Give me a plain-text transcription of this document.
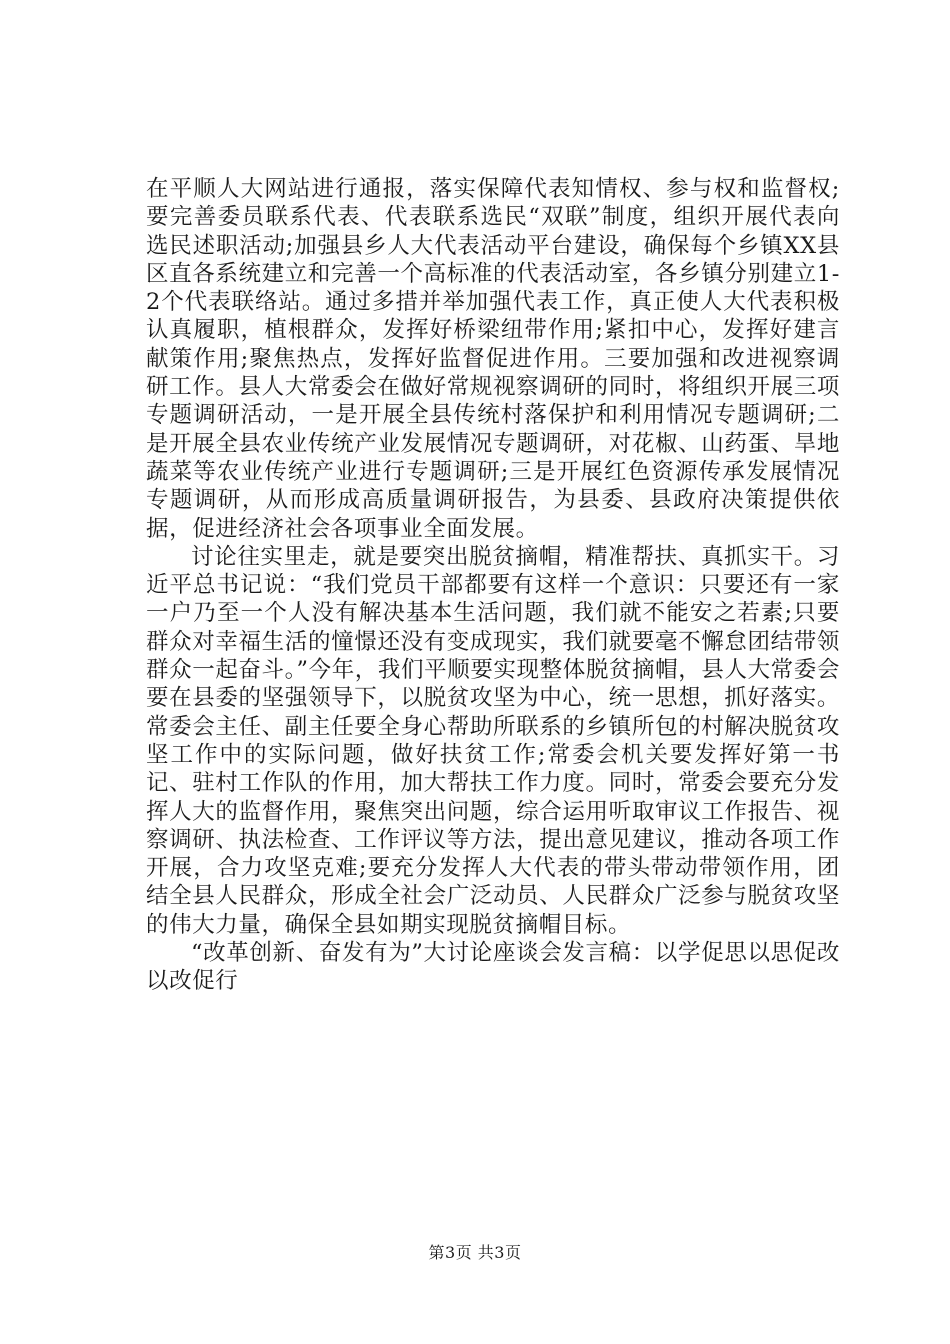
在平顺人大网站进行通报，落实保障代表知情权、参与权和监督权;要完善委员联系代表、代表联系选民“双联”制度，组织开展代表向选民述职活动;加强县乡人大代表活动平台建设，确保每个乡镇XX县区直各系统建立和完善一个高标准的代表活动室，各乡镇分别建立1-2个代表联络站。通过多措并举加强代表工作，真正使人大代表积极认真履职，植根群众，发挥好桥梁纽带作用;紧扣中心，发挥好建言献策作用;聚焦热点，发挥好监督促进作用。三要加强和改进视察调研工作。县人大常委会在做好常规视察调研的同时，将组织开展三项专题调研活动，一是开展全县传统村落保护和利用情况专题调研;二是开展全县农业传统产业发展情况专题调研，对花椒、山药蛋、旱地蔬菜等农业传统产业进行专题调研;三是开展红色资源传承发展情况专题调研，从而形成高质量调研报告，为县委、县政府决策提供依据，促进经济社会各项事业全面发展。

讨论往实里走，就是要突出脱贫摘帽，精准帮扶、真抓实干。习近平总书记说：“我们党员干部都要有这样一个意识：只要还有一家一户乃至一个人没有解决基本生活问题，我们就不能安之若素;只要群众对幸福生活的憧憬还没有变成现实，我们就要毫不懈怠团结带领群众一起奋斗。”今年，我们平顺要实现整体脱贫摘帽，县人大常委会要在县委的坚强领导下，以脱贫攻坚为中心，统一思想，抓好落实。常委会主任、副主任要全身心帮助所联系的乡镇所包的村解决脱贫攻坚工作中的实际问题，做好扶贫工作;常委会机关要发挥好第一书记、驻村工作队的作用，加大帮扶工作力度。同时，常委会要充分发挥人大的监督作用，聚焦突出问题，综合运用听取审议工作报告、视察调研、执法检查、工作评议等方法，提出意见建议，推动各项工作开展，合力攻坚克难;要充分发挥人大代表的带头带动带领作用，团结全县人民群众，形成全社会广泛动员、人民群众广泛参与脱贫攻坚的伟大力量，确保全县如期实现脱贫摘帽目标。

“改革创新、奋发有为”大讨论座谈会发言稿：以学促思以思促改以改促行

第3页 共3页
